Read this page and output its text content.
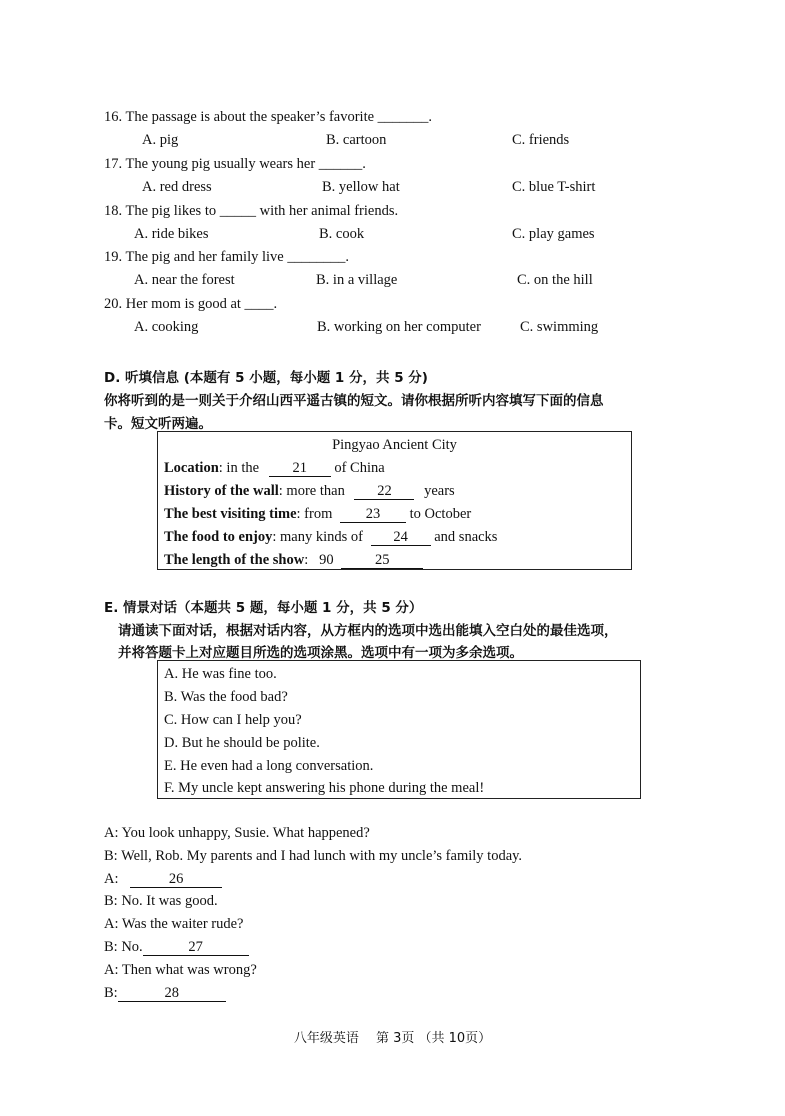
16. The passage is about the speaker’s favorite _______.
A. pig	B. cartoon	C. friends
17. The young pig usually wears her ______.
A. red dress	B. yellow hat	C. blue T-shirt
18. The pig likes to _____ with her animal friends.
A. ride bikes	B. cook	C. play games
19. The pig and her family live ________.
A. near the forest	B. in a village	C. on the hill
20. Her mom is good at ____.
A. cooking	B. working on her computer	C. swimming
D. 听填信息 (本题有 5 小题，每小题 1 分，共 5 分)
你将听到的是一则关于介绍山西平遥古镇的短文。请你根据所听内容填写下面的信息
卡。短文听两遍。
Pingyao Ancient City
Location: in the 21 of China
History of the wall: more than 22 years
The best visiting time: from 23 to October
The food to enjoy: many kinds of 24 and snacks
The length of the show:   90	25
E. 情景对话（本题共 5 题，每小题 1 分，共 5 分）
请通读下面对话，根据对话内容，从方框内的选项中选出能填入空白处的最佳选项，
并将答题卡上对应题目所选的选项涂黑。选项中有一项为多余选项。
A. He was fine too.
B. Was the food bad?
C. How can I help you?
D. But he should be polite.
E. He even had a long conversation.
F. My uncle kept answering his phone during the meal!
A: You look unhappy, Susie. What happened?
B: Well, Rob. My parents and I had lunch with my uncle’s family today.
A:	26
B: No. It was good.
A: Was the waiter rude?
B: No.	27
A: Then what was wrong?
B:	28
八年级英语　 第 3页 （共 10页）
